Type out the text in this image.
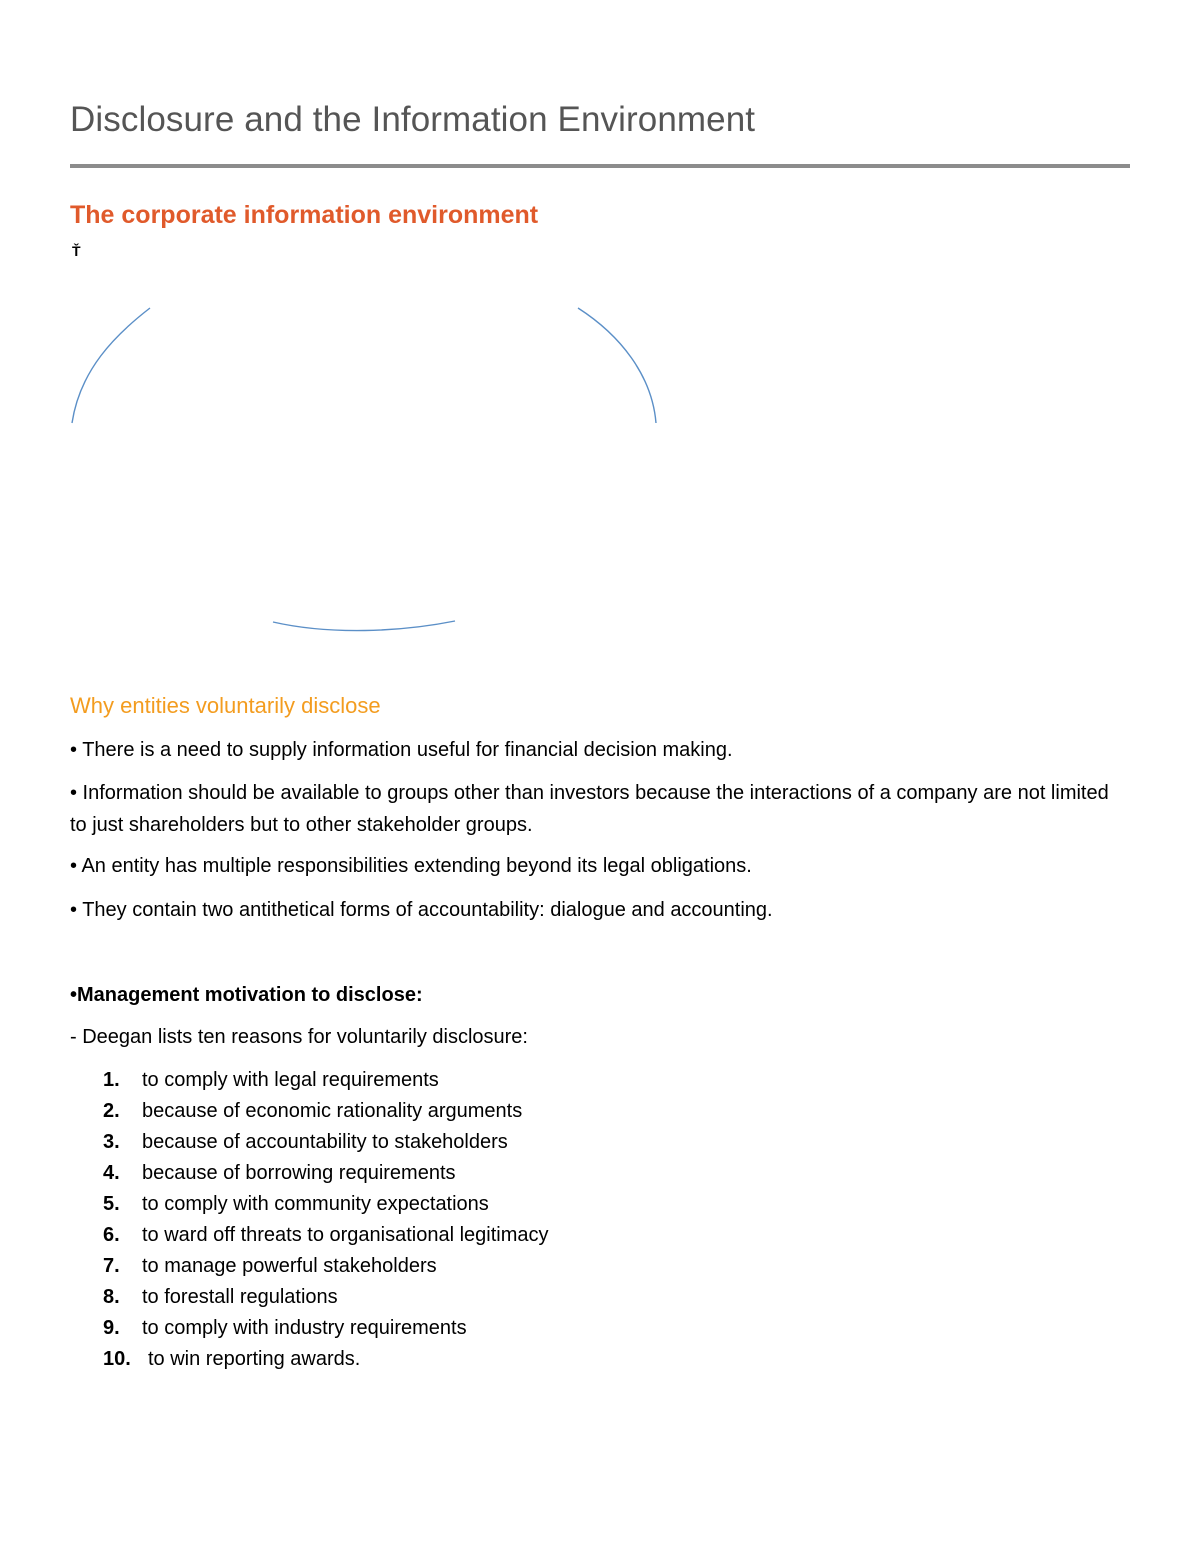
Disclosure and the Information Environment
The corporate information environment
Ť
Why entities voluntarily disclose
• There is a need to supply information useful for financial decision making.
• Information should be available to groups other than investors because the interactions of a company are not limited to just shareholders but to other stakeholder groups.
• An entity has multiple responsibilities extending beyond its legal obligations.
• They contain two antithetical forms of accountability: dialogue and accounting.
•Management motivation to disclose:
- Deegan lists ten reasons for voluntarily disclosure:
1.	to comply with legal requirements
2.	because of economic rationality arguments
3.	because of accountability to stakeholders
4.	because of borrowing requirements
5.	to comply with community expectations
6.	to ward off threats to organisational legitimacy
7.	to manage powerful stakeholders
8.	to forestall regulations
9.	to comply with industry requirements
10. to win reporting awards.
